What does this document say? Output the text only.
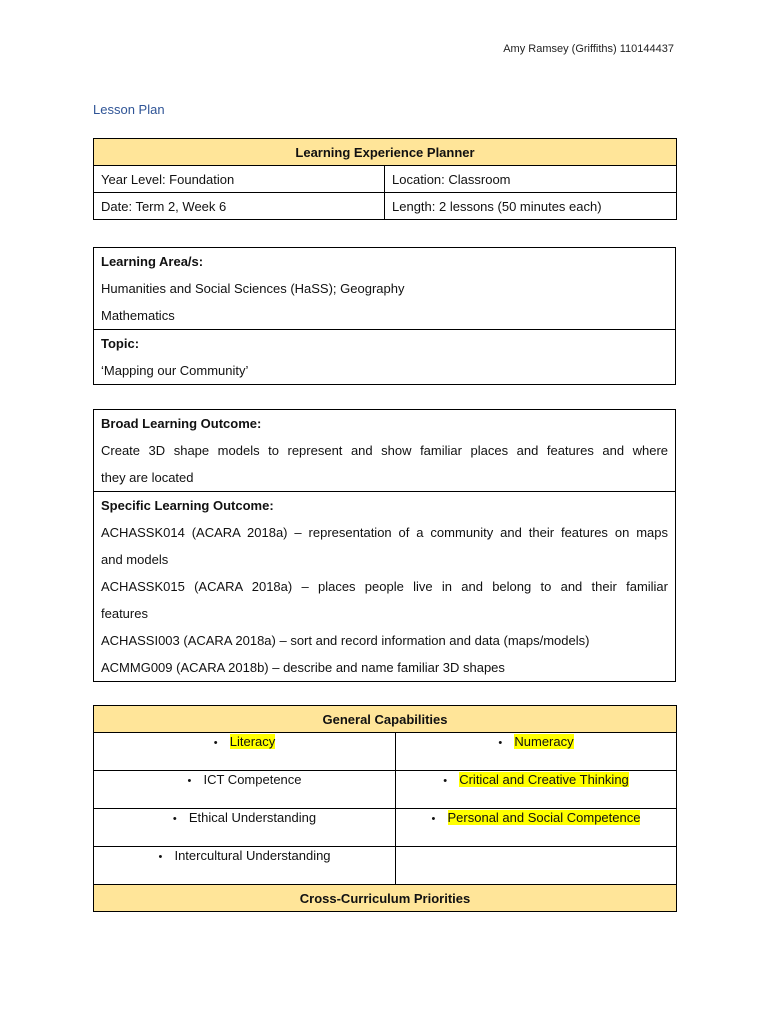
Amy Ramsey (Griffiths) 110144437
Lesson Plan
Learning Experience Planner	
Year Level: Foundation	Location: Classroom
Date: Term 2, Week 6	Length: 2 lessons (50 minutes each)
Learning Area/s:
Humanities and Social Sciences (HaSS); Geography
Mathematics

Topic:
‘Mapping our Community’
Broad Learning Outcome:
Create 3D shape models to represent and show familiar places and features and where
they are located

Specific Learning Outcome:
ACHASSK014 (ACARA 2018a) – representation of a community and their features on maps
and models
ACHASSK015 (ACARA 2018a) – places people live in and belong to and their familiar
features
ACHASSI003 (ACARA 2018a) – sort and record information and data (maps/models)
ACMMG009 (ACARA 2018b) – describe and name familiar 3D shapes
General Capabilities	
• Literacy	• Numeracy
• ICT Competence	• Critical and Creative Thinking
• Ethical Understanding	• Personal and Social Competence
• Intercultural Understanding	
Cross-Curriculum Priorities	
